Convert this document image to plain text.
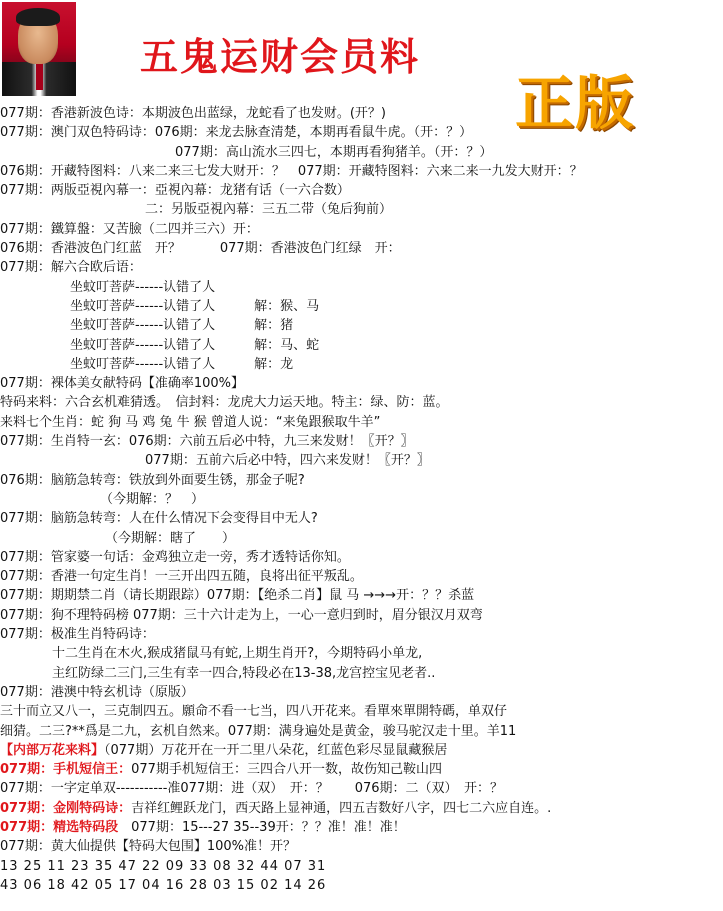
五鬼运财会员料
正版
077期：香港新波色诗：本期波色出蓝绿，龙蛇看了也发财。(开？)
077期：澳门双色特码诗：076期：来龙去脉查清楚，本期再看鼠牛虎。（开：？）
077期：高山流水三四七，本期再看狗猪羊。（开：？）
076期：开藏特图料：八来二来三七发大财开：？　077期：开藏特图料：六来二来一九发大财开：？
077期：两版亞視內幕一：亞視內幕：龙猪有话（一六合数）
二：另版亞視內幕：三五二带（兔后狗前）
077期：鐵算盤：又苦臉（二四并三六）开：
076期：香港波色门红蓝　开？　　　077期：香港波色门红绿　开：
077期：解六合欧后语：
坐蚊叮菩萨------认错了人
坐蚊叮菩萨------认错了人　　　解：猴、马
坐蚊叮菩萨------认错了人　　　解：猪
坐蚊叮菩萨------认错了人　　　解：马、蛇
坐蚊叮菩萨------认错了人　　　解：龙
077期：裸体美女献特码【准确率100%】
特码来料：六合玄机难猜透。　信封料：龙虎大力运天地。特主：绿、防：蓝。
来料七个生肖：蛇 狗 马 鸡 兔 牛 猴 曾道人说：“来兔跟猴取牛羊”
077期：生肖特一玄：076期：六前五后必中特，九三来发财！〖开？〗
077期：五前六后必中特，四六来发财！〖开？〗
076期：脑筋急转弯：铁放到外面要生锈，那金子呢?
（今期解：？　）
077期：脑筋急转弯：人在什么情况下会变得目中无人?
（今期解：瞎了　　）
077期：管家婆一句话：金鸡独立走一旁，秀才透特话你知。
077期：香港一句定生肖！一三开出四五随，良将出征平叛乱。
077期：期期禁二肖（请长期跟踪）077期：【绝杀二肖】鼠 马 →→→开：？？杀蓝
077期：狗不理特码榜 077期：三十六计走为上，一心一意归到时，眉分银汉月双弯
077期：极准生肖特码诗：
十二生肖在木火,猴成猪鼠马有蛇,上期生肖开?，今期特码小单龙,
主红防绿二三门,三生有幸一四合,特段必在13-38,龙宫控宝见老者..
077期：港澳中特玄机诗（原版）
三十而立又八一，三克制四五。願命不看一七当，四八开花来。看單來單開特碼，单双仔
细猜。二三?**爲是二九，玄机自然来。077期：满身遍处是黄金，骏马驼汉走十里。羊11
【内部万花来料】（077期）万花开在一开二里八朵花，红蓝色彩尽显鼠藏猴居
077期：手机短信王：077期手机短信王：三四合八开一数，故伤知己鞍山四
077期：一字定单双-----------准077期：进（双）　开：？　　076期：二（双）　开：？
077期：金刚特码诗：吉祥红鲤跃龙门，西天路上显神通，四五吉数好八字，四七二六应自连。.
077期：精选特码段　077期：15---27 35--39开：？？准！准！准！
077期：黄大仙提供【特码大包围】100%准！开？
13 25 11 23 35 47 22 09 33 08 32 44 07 31
43 06 18 42 05 17 04 16 28 03 15 02 14 26
